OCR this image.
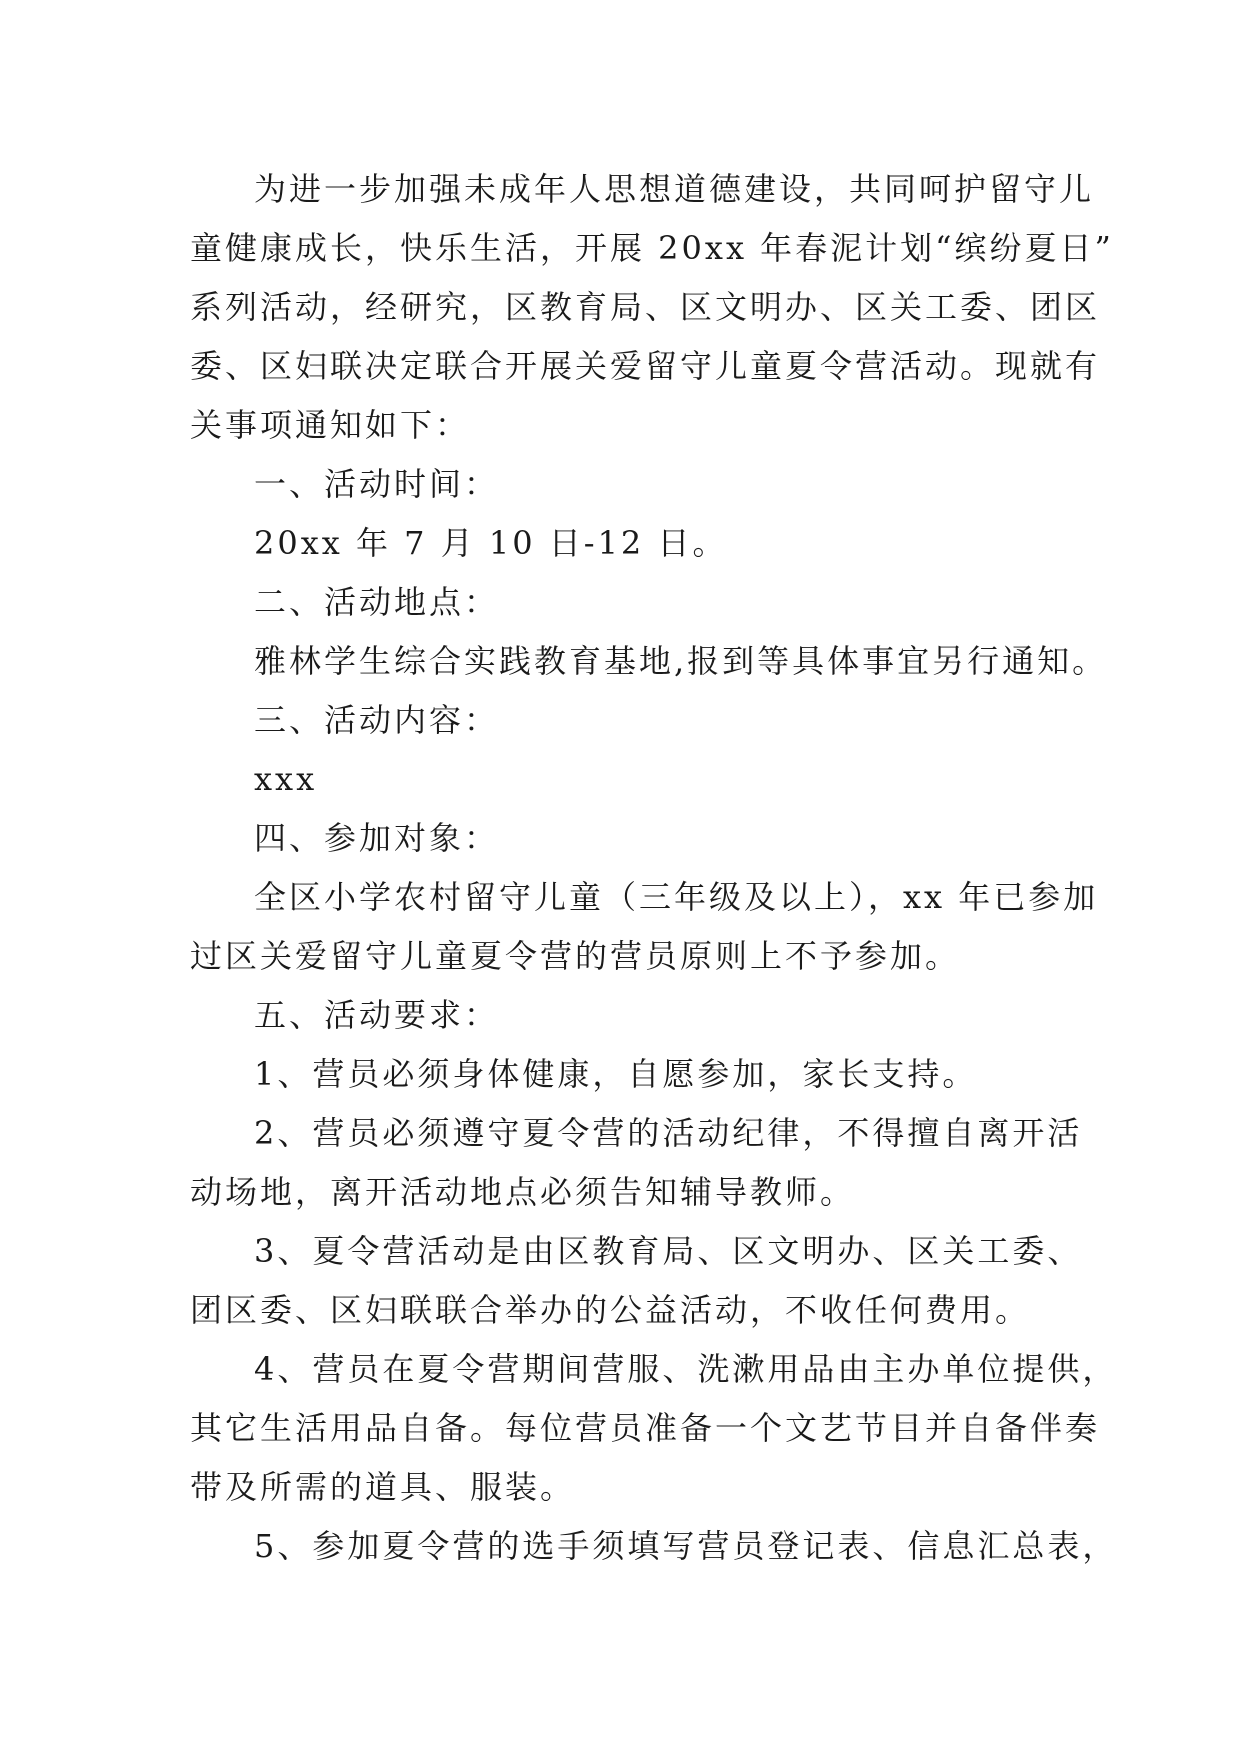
为进一步加强未成年人思想道德建设，共同呵护留守儿
童健康成长，快乐生活，开展 20xx 年春泥计划“缤纷夏日”
系列活动，经研究，区教育局、区文明办、区关工委、团区
委、区妇联决定联合开展关爱留守儿童夏令营活动。现就有
关事项通知如下：
一、活动时间：
20xx 年 7 月 10 日-12 日。
二、活动地点：
雅林学生综合实践教育基地,报到等具体事宜另行通知。
三、活动内容：
xxx
四、参加对象：
全区小学农村留守儿童（三年级及以上），xx 年已参加
过区关爱留守儿童夏令营的营员原则上不予参加。
五、活动要求：
1、营员必须身体健康，自愿参加，家长支持。
2、营员必须遵守夏令营的活动纪律，不得擅自离开活
动场地，离开活动地点必须告知辅导教师。
3、夏令营活动是由区教育局、区文明办、区关工委、
团区委、区妇联联合举办的公益活动，不收任何费用。
4、营员在夏令营期间营服、洗漱用品由主办单位提供，
其它生活用品自备。每位营员准备一个文艺节目并自备伴奏
带及所需的道具、服装。
5、参加夏令营的选手须填写营员登记表、信息汇总表，
